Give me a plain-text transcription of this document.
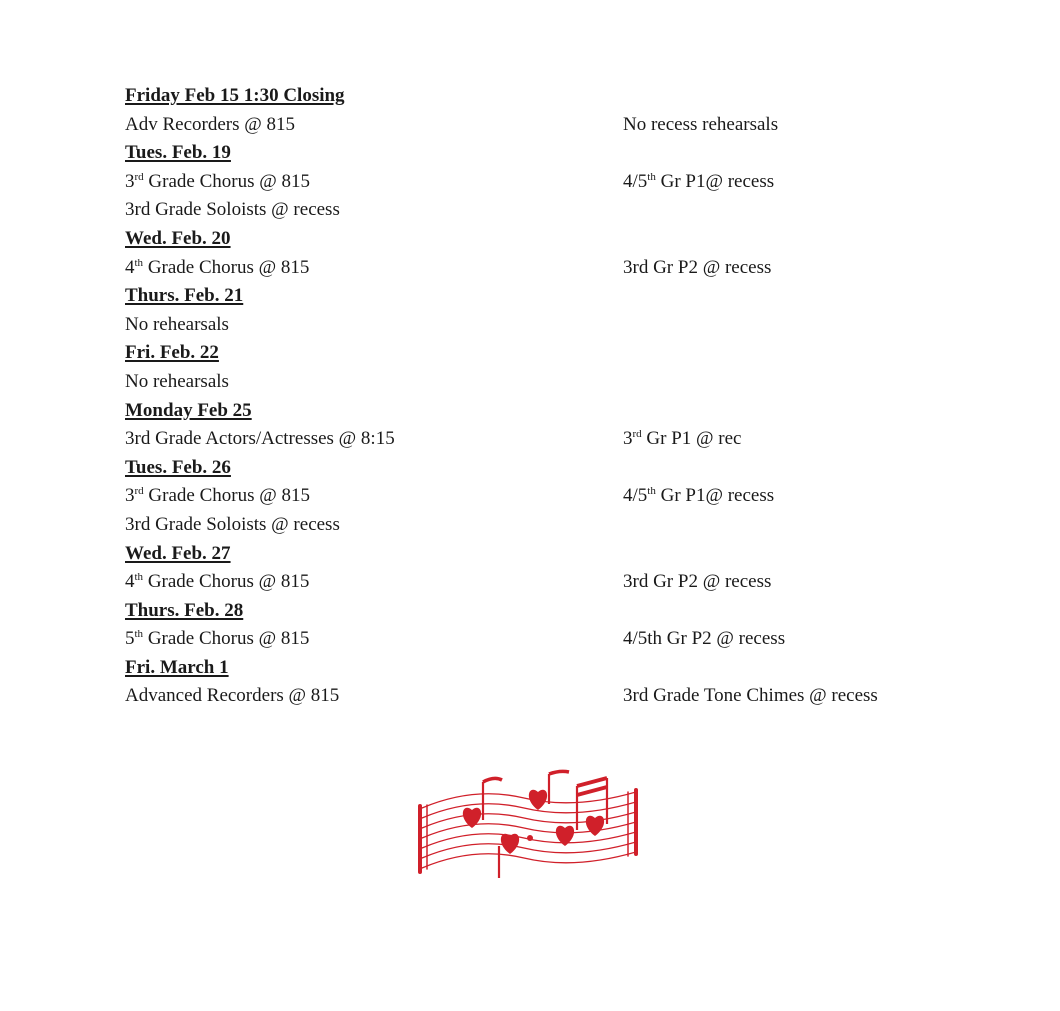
Friday Feb 15 1:30 Closing
Adv Recorders @ 815	No recess rehearsals
Tues. Feb. 19
3rd Grade Chorus @ 815	4/5th Gr P1@ recess
3rd Grade Soloists @ recess
Wed. Feb. 20
4th Grade Chorus @ 815	3rd Gr P2 @ recess
Thurs. Feb. 21
No rehearsals
Fri. Feb. 22
No rehearsals
Monday Feb 25
3rd Grade Actors/Actresses @ 8:15	3rd Gr P1 @ rec
Tues. Feb. 26
3rd Grade Chorus @ 815	4/5th Gr P1@ recess
3rd Grade Soloists @ recess
Wed. Feb. 27
4th Grade Chorus @ 815	3rd Gr P2 @ recess
Thurs. Feb. 28
5th Grade Chorus @ 815	4/5th Gr P2 @ recess
Fri. March 1
Advanced Recorders @ 815	3rd Grade Tone Chimes @ recess
